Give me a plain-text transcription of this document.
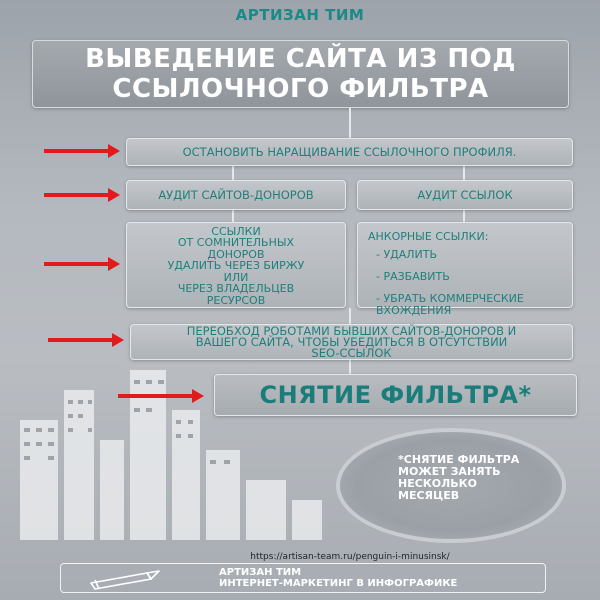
АРТИЗАН ТИМ
ВЫВЕДЕНИЕ САЙТА ИЗ ПОД
ССЫЛОЧНОГО ФИЛЬТРА
ОСТАНОВИТЬ НАРАЩИВАНИЕ ССЫЛОЧНОГО ПРОФИЛЯ.
АУДИТ САЙТОВ-ДОНОРОВ	АУДИТ ССЫЛОК
ССЫЛКИ
ОТ СОМНИТЕЛЬНЫХ
ДОНОРОВ
УДАЛИТЬ ЧЕРЕЗ БИРЖУ
ИЛИ
ЧЕРЕЗ ВЛАДЕЛЬЦЕВ
РЕСУРСОВ
АНКОРНЫЕ ССЫЛКИ:
- УДАЛИТЬ
- РАЗБАВИТЬ
- УБРАТЬ КОММЕРЧЕСКИЕ
ВХОЖДЕНИЯ
ПЕРЕОБХОД РОБОТАМИ БЫВШИХ САЙТОВ-ДОНОРОВ И
ВАШЕГО САЙТА, ЧТОБЫ УБЕДИТЬСЯ В ОТСУТСТВИИ
SEO-ССЫЛОК
СНЯТИЕ ФИЛЬТРА*
*СНЯТИЕ ФИЛЬТРА
МОЖЕТ ЗАНЯТЬ
НЕСКОЛЬКО
МЕСЯЦЕВ
https://artisan-team.ru/penguin-i-minusinsk/
АРТИЗАН ТИМ
ИНТЕРНЕТ-МАРКЕТИНГ В ИНФОГРАФИКЕ
